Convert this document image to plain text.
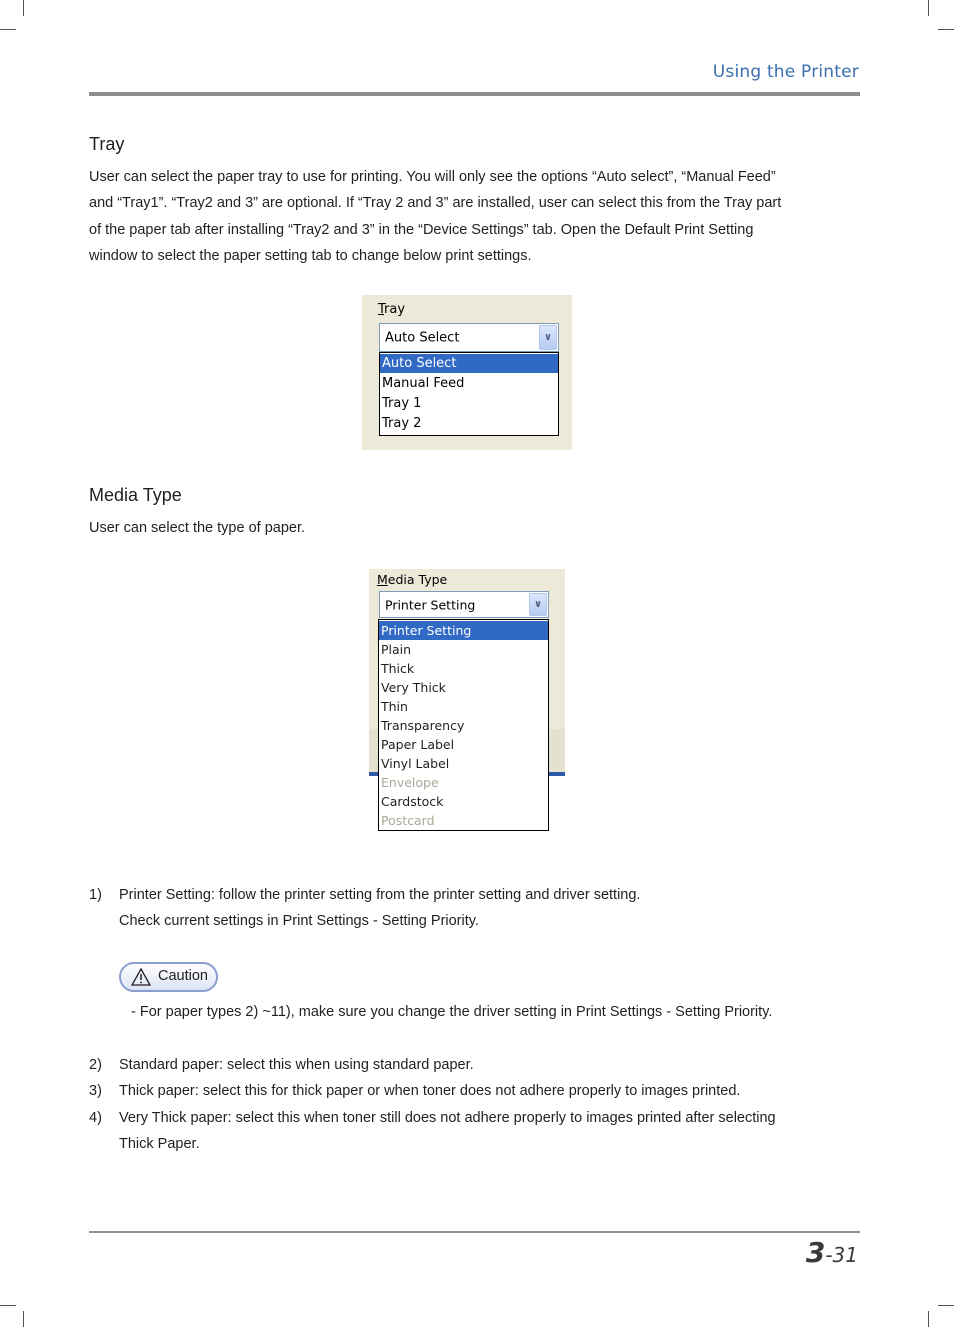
Using the Printer
Tray
User can select the paper tray to use for printing. You will only see the options “Auto select”, “Manual Feed”
and “Tray1”. “Tray2 and 3” are optional. If “Tray 2 and 3” are installed, user can select this from the Tray part
of the paper tab after installing “Tray2 and 3” in the “Device Settings” tab. Open the Default Print Setting
window to select the paper setting tab to change below print settings.
Tray
Auto Select	∨
Auto Select
Manual Feed
Tray 1
Tray 2
Media Type
User can select the type of paper.
Media Type
Printer Setting	∨
Printer Setting
Plain
Thick
Very Thick
Thin
Transparency
Paper Label
Vinyl Label
Envelope
Cardstock
Postcard
1) Printer Setting: follow the printer setting from the printer setting and driver setting.
Check current settings in Print Settings - Setting Priority.
Caution
- For paper types 2) ~11), make sure you change the driver setting in Print Settings - Setting Priority.
2) Standard paper: select this when using standard paper.
3) Thick paper: select this for thick paper or when toner does not adhere properly to images printed.
4) Very Thick paper: select this when toner still does not adhere properly to images printed after selecting
Thick Paper.
3-31
